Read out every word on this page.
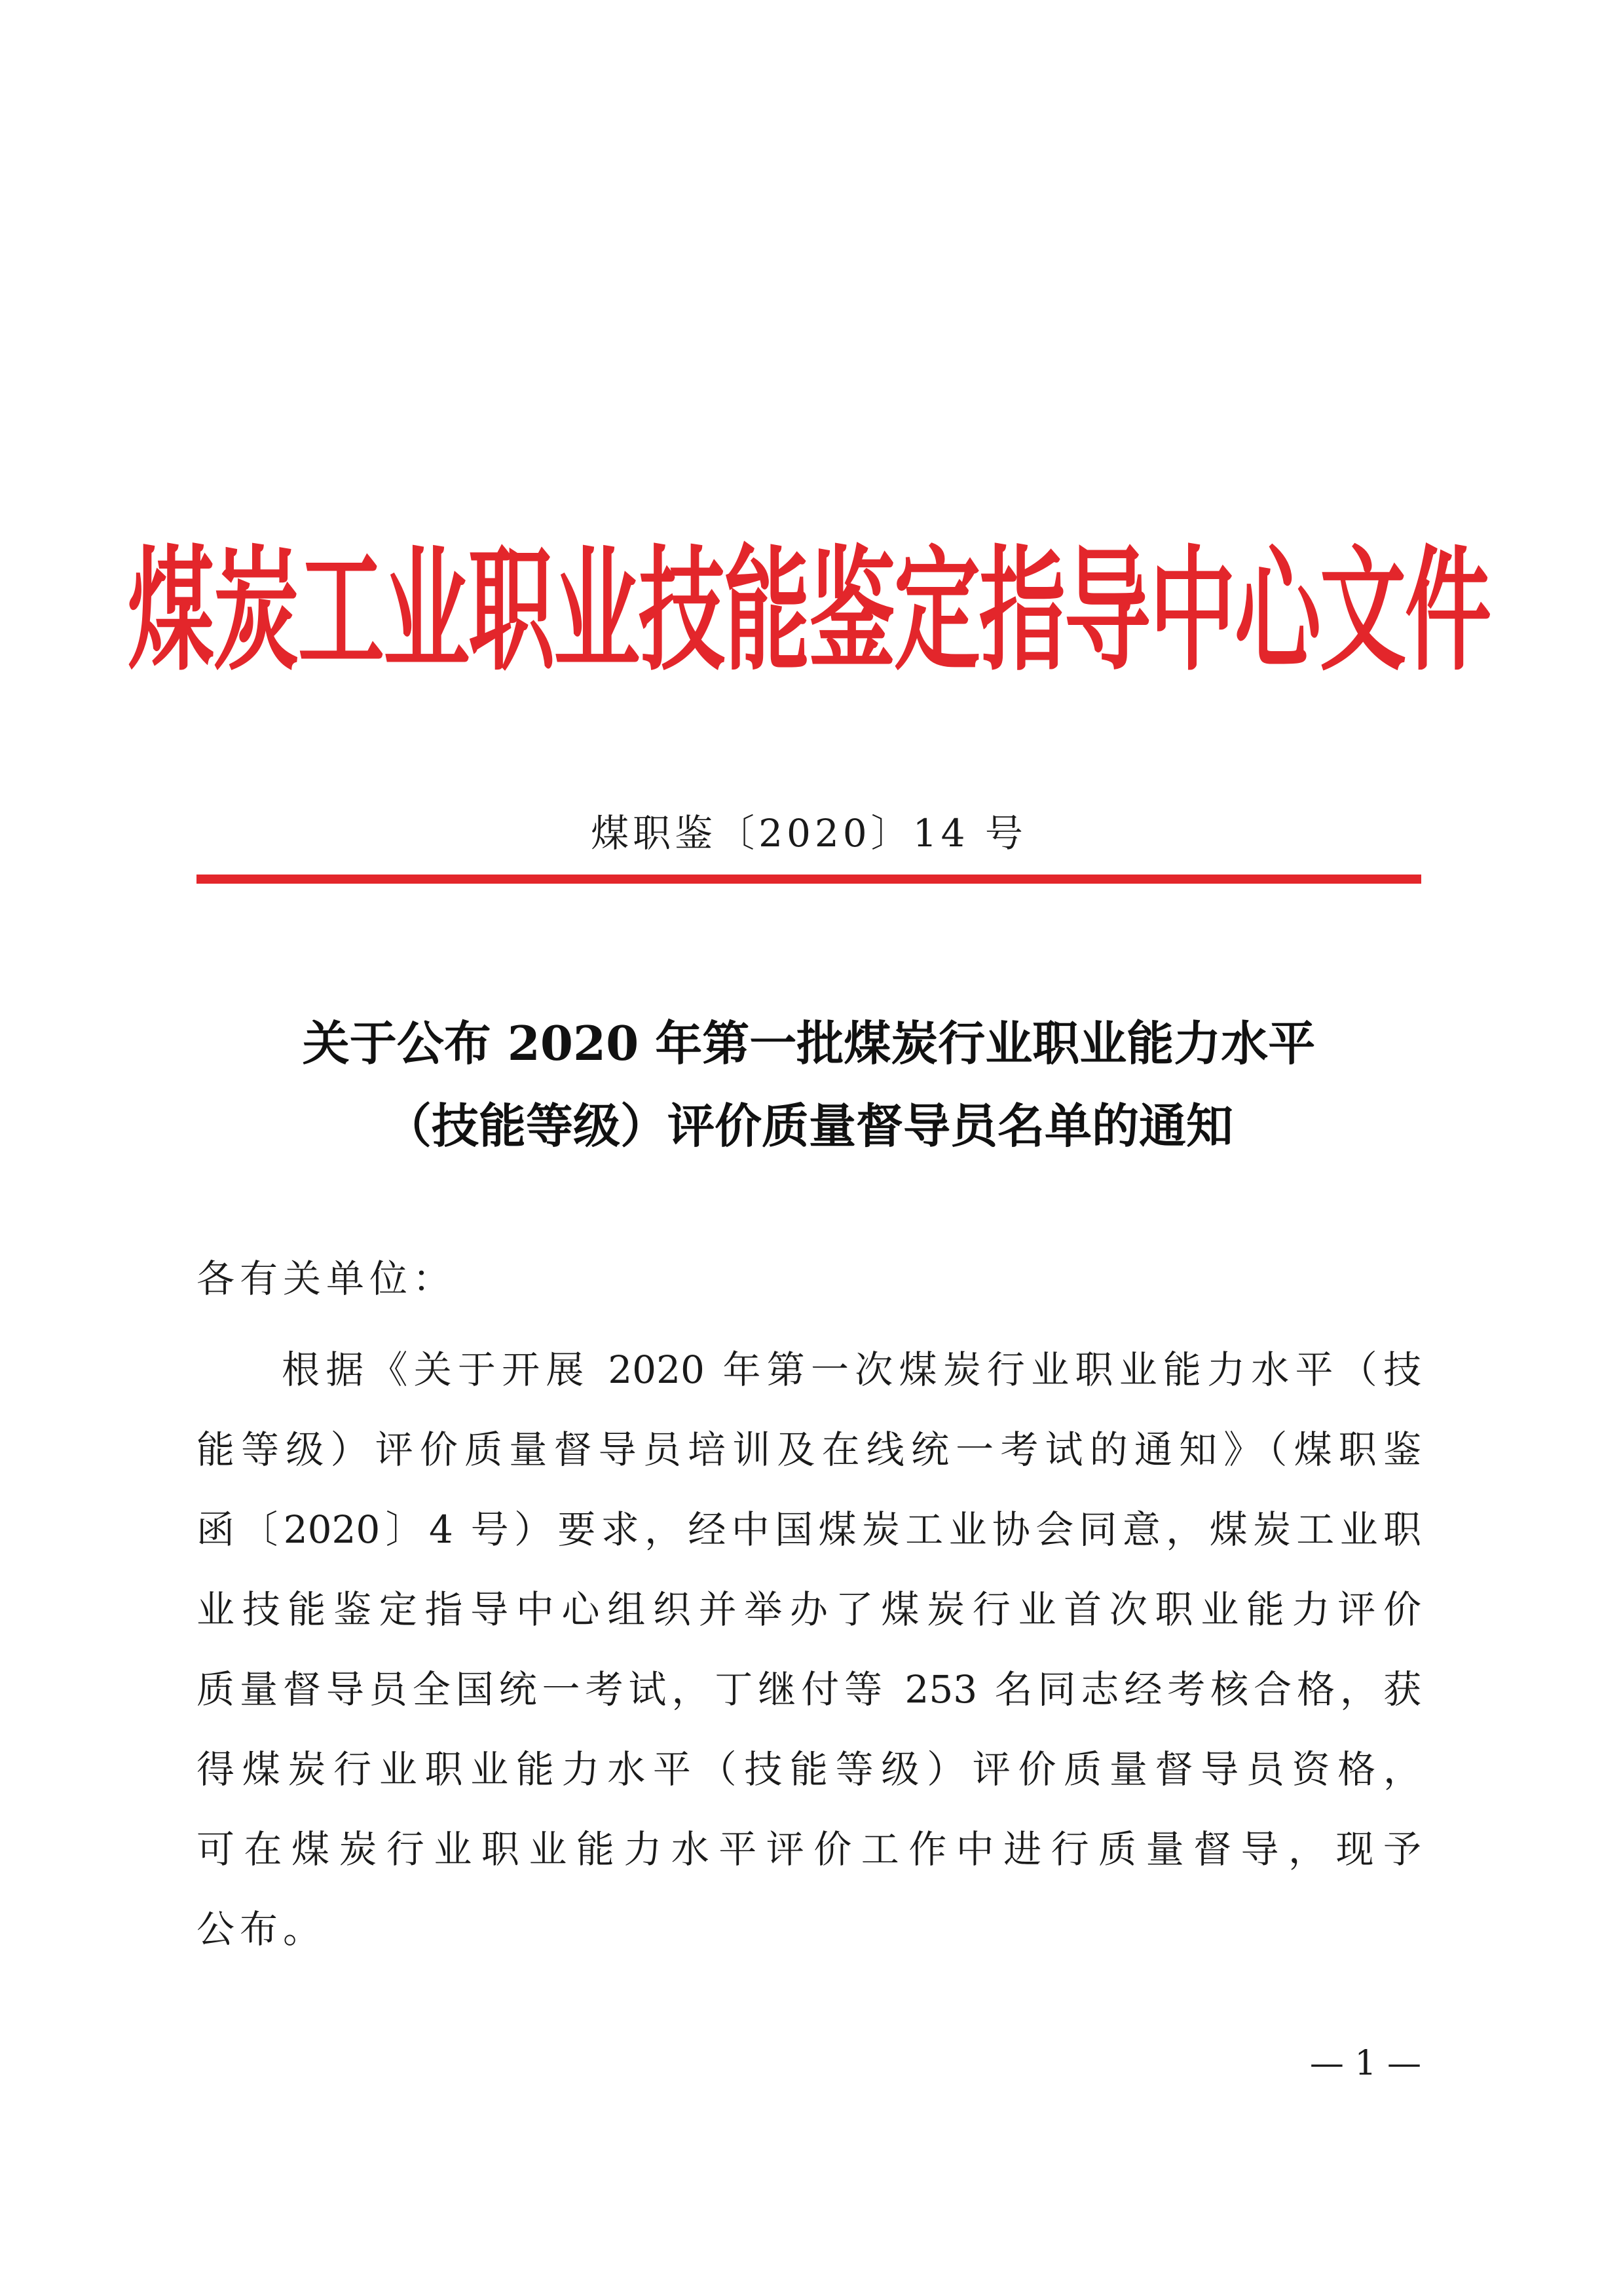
煤炭工业职业技能鉴定指导中心文件
煤职鉴〔2020〕14 号
关于公布 2020 年第一批煤炭行业职业能力水平
（技能等级）评价质量督导员名单的通知
各有关单位：
根据《关于开展 2020 年第一次煤炭行业职业能力水平（技
能等级）评价质量督导员培训及在线统一考试的通知》（煤职鉴
函〔2020〕4 号）要求，经中国煤炭工业协会同意，煤炭工业职
业技能鉴定指导中心组织并举办了煤炭行业首次职业能力评价
质量督导员全国统一考试，丁继付等 253 名同志经考核合格，获
得煤炭行业职业能力水平（技能等级）评价质量督导员资格，
可在煤炭行业职业能力水平评价工作中进行质量督导，现予
公布。
— 1 —
